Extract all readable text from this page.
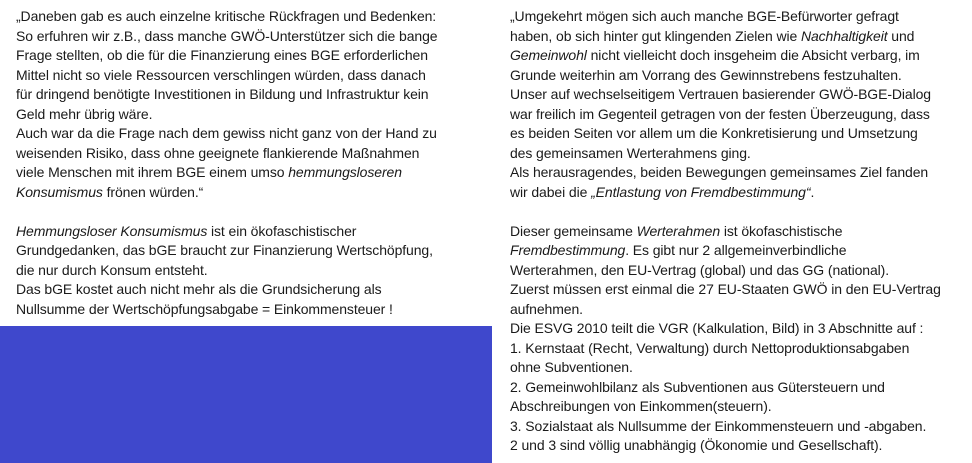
„Daneben gab es auch einzelne kritische Rückfragen und Bedenken:
So erfuhren wir z.B., dass manche GWÖ-Unterstützer sich die bange
Frage stellten, ob die für die Finanzierung eines BGE erforderlichen
Mittel nicht so viele Ressourcen verschlingen würden, dass danach
für dringend benötigte Investitionen in Bildung und Infrastruktur kein
Geld mehr übrig wäre.
Auch war da die Frage nach dem gewiss nicht ganz von der Hand zu
weisenden Risiko, dass ohne geeignete flankierende Maßnahmen
viele Menschen mit ihrem BGE einem umso hemmungsloseren
Konsumismus frönen würden.“
Hemmungsloser Konsumismus ist ein ökofaschistischer
Grundgedanken, das bGE braucht zur Finanzierung Wertschöpfung,
die nur durch Konsum entsteht.
Das bGE kostet auch nicht mehr als die Grundsicherung als
Nullsumme der Wertschöpfungsabgabe = Einkommensteuer !
„Umgekehrt mögen sich auch manche BGE-Befürworter gefragt
haben, ob sich hinter gut klingenden Zielen wie Nachhaltigkeit und
Gemeinwohl nicht vielleicht doch insgeheim die Absicht verbarg, im
Grunde weiterhin am Vorrang des Gewinnstrebens festzuhalten.
Unser auf wechselseitigem Vertrauen basierender GWÖ-BGE-Dialog
war freilich im Gegenteil getragen von der festen Überzeugung, dass
es beiden Seiten vor allem um die Konkretisierung und Umsetzung
des gemeinsamen Werterahmens ging.
Als herausragendes, beiden Bewegungen gemeinsames Ziel fanden
wir dabei die „Entlastung von Fremdbestimmung“.
Dieser gemeinsame Werterahmen ist ökofaschistische
Fremdbestimmung. Es gibt nur 2 allgemeinverbindliche
Werterahmen, den EU-Vertrag (global) und das GG (national).
Zuerst müssen erst einmal die 27 EU-Staaten GWÖ in den EU-Vertrag
aufnehmen.
Die ESVG 2010 teilt die VGR (Kalkulation, Bild) in 3 Abschnitte auf :
1. Kernstaat (Recht, Verwaltung) durch Nettoproduktionsabgaben
ohne Subventionen.
2. Gemeinwohlbilanz als Subventionen aus Gütersteuern und
Abschreibungen von Einkommen(steuern).
3. Sozialstaat als Nullsumme der Einkommensteuern und -abgaben.
2 und 3 sind völlig unabhängig (Ökonomie und Gesellschaft).
